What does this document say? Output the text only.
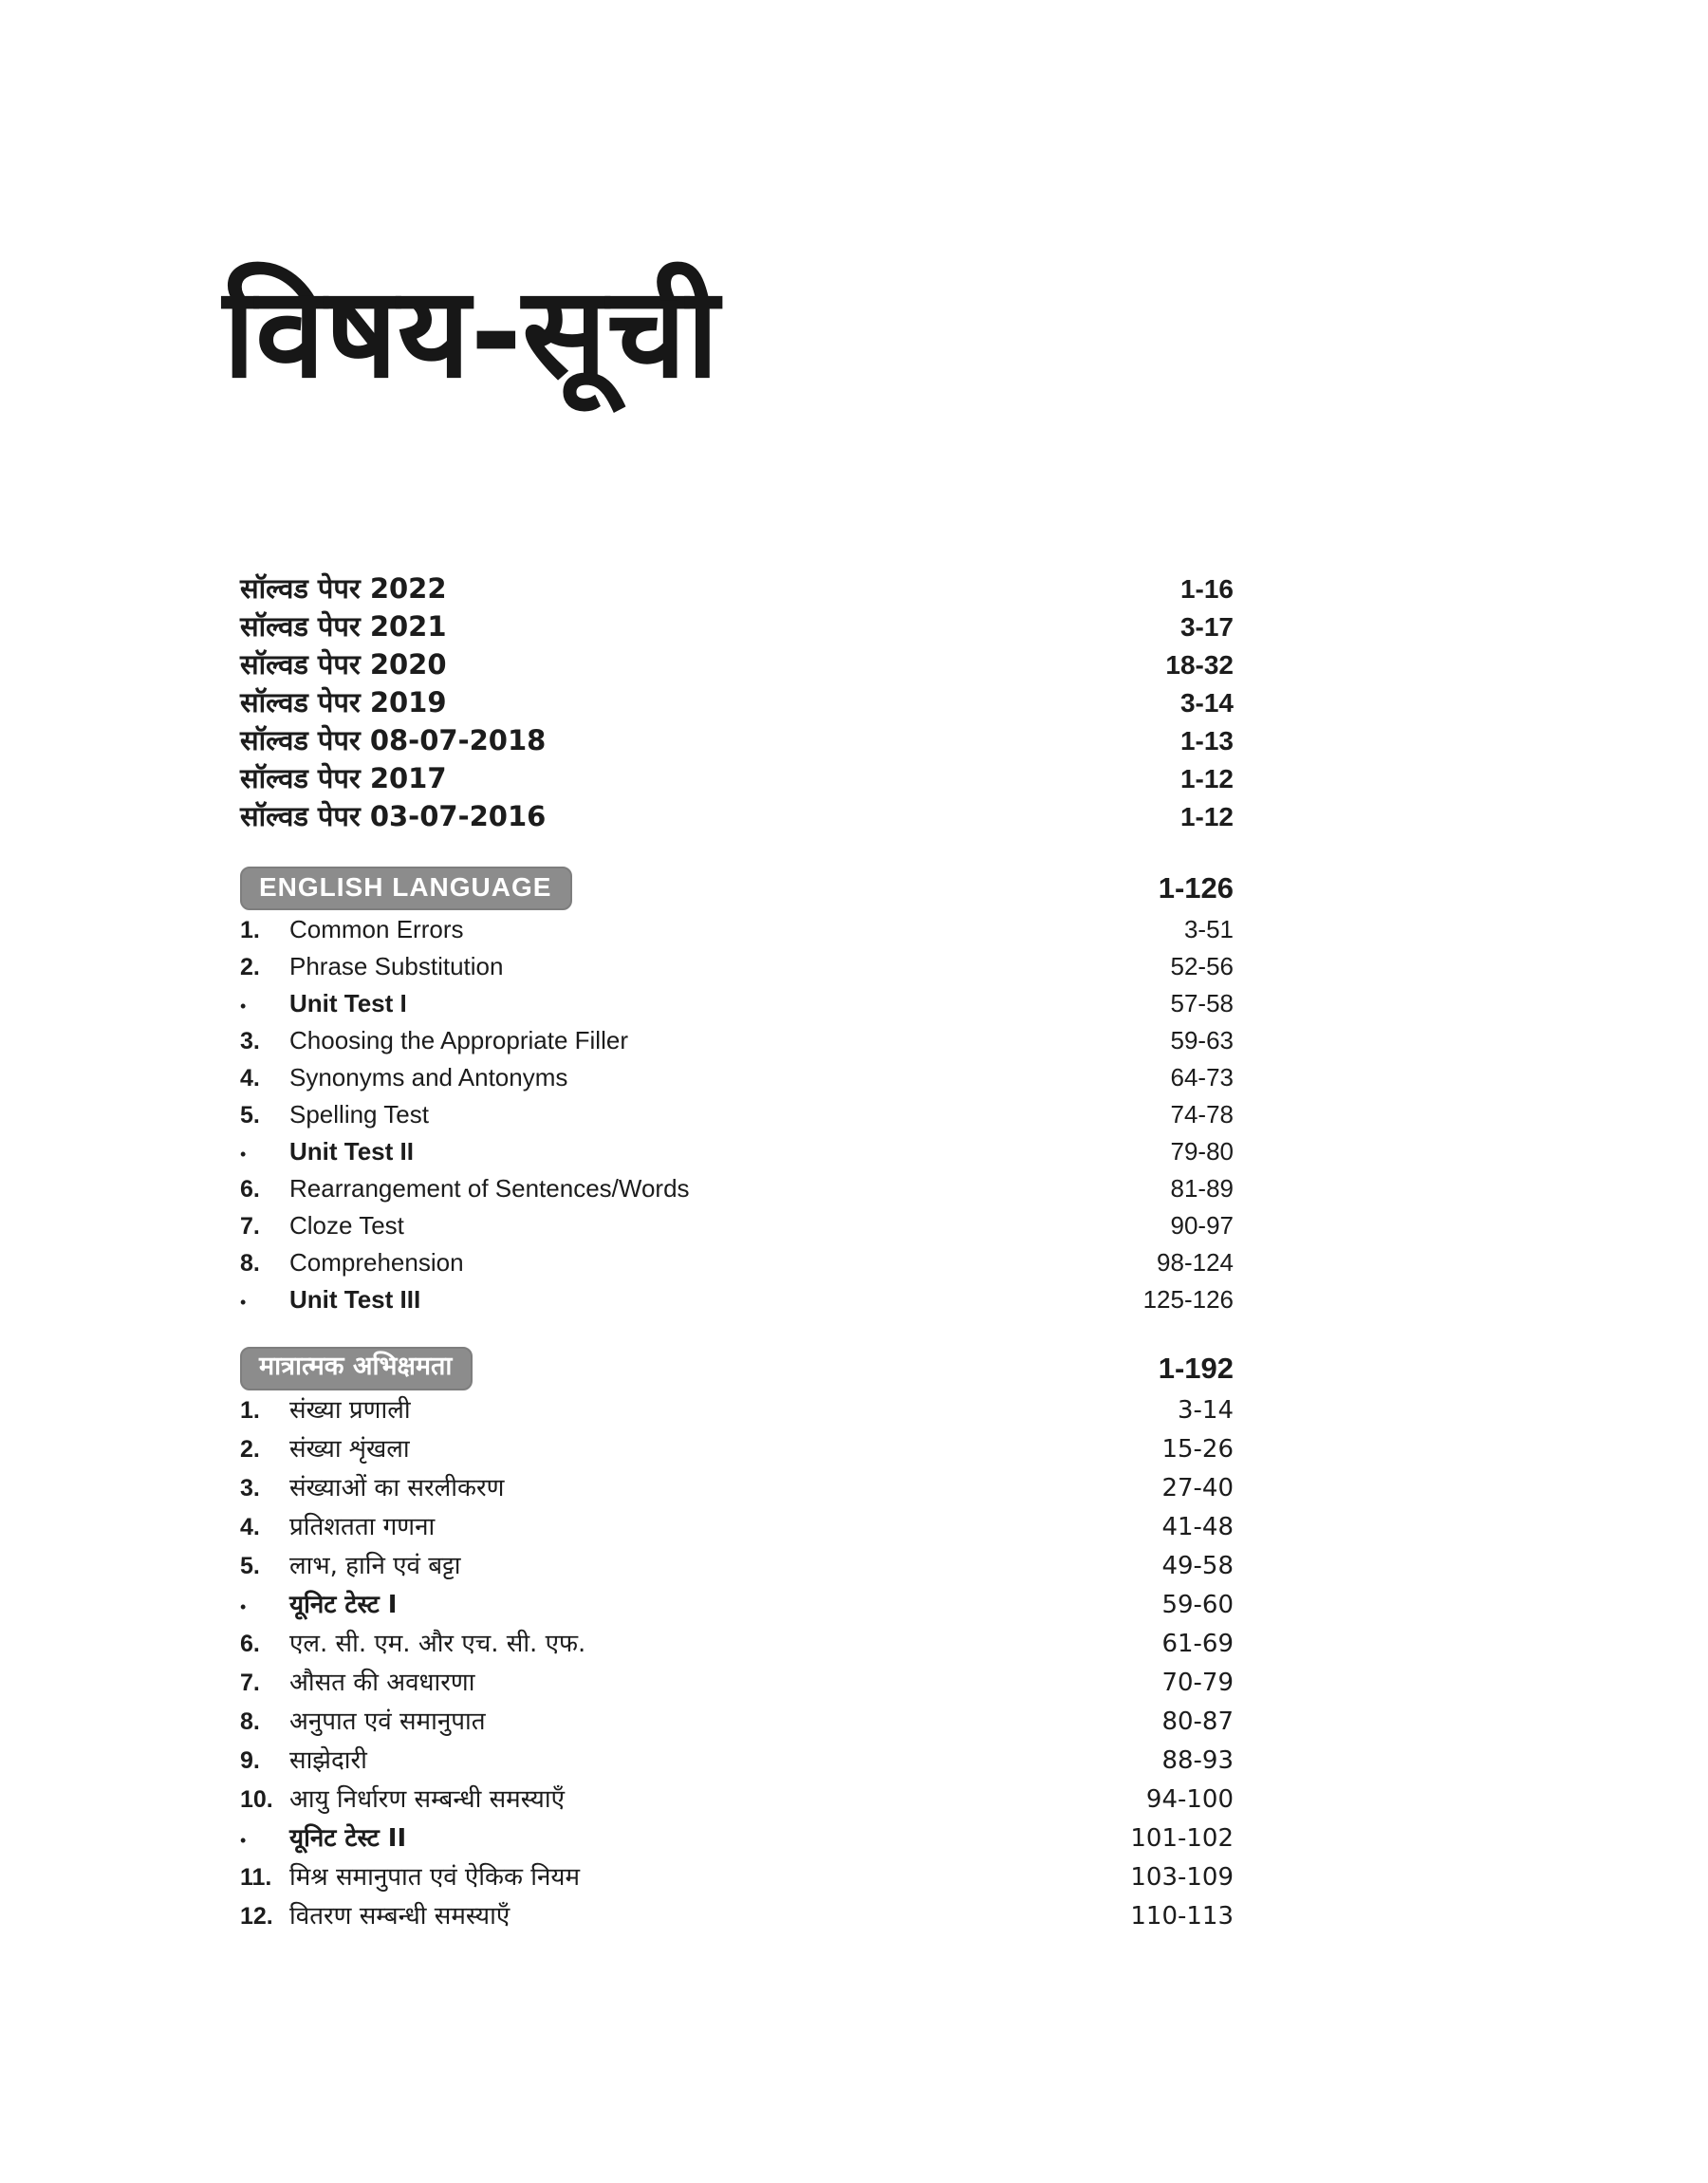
विषय-सूची
सॉल्वड पेपर 2022	1-16
सॉल्वड पेपर 2021	3-17
सॉल्वड पेपर 2020	18-32
सॉल्वड पेपर 2019	3-14
सॉल्वड पेपर 08-07-2018	1-13
सॉल्वड पेपर 2017	1-12
सॉल्वड पेपर 03-07-2016	1-12
ENGLISH LANGUAGE	1-126
1.	Common Errors	3-51
2.	Phrase Substitution	52-56
•	Unit Test I	57-58
3.	Choosing the Appropriate Filler	59-63
4.	Synonyms and Antonyms	64-73
5.	Spelling Test	74-78
•	Unit Test II	79-80
6.	Rearrangement of Sentences/Words	81-89
7.	Cloze Test	90-97
8.	Comprehension	98-124
•	Unit Test III	125-126
मात्रात्मक अभिक्षमता	1-192
1.	संख्या प्रणाली	3-14
2.	संख्या शृंखला	15-26
3.	संख्याओं का सरलीकरण	27-40
4.	प्रतिशतता गणना	41-48
5.	लाभ, हानि एवं बट्टा	49-58
•	यूनिट टेस्ट I	59-60
6.	एल. सी. एम. और एच. सी. एफ.	61-69
7.	औसत की अवधारणा	70-79
8.	अनुपात एवं समानुपात	80-87
9.	साझेदारी	88-93
10. आयु निर्धारण सम्बन्धी समस्याएँ	94-100
•	यूनिट टेस्ट II	101-102
11. मिश्र समानुपात एवं ऐकिक नियम	103-109
12. वितरण सम्बन्धी समस्याएँ	110-113
